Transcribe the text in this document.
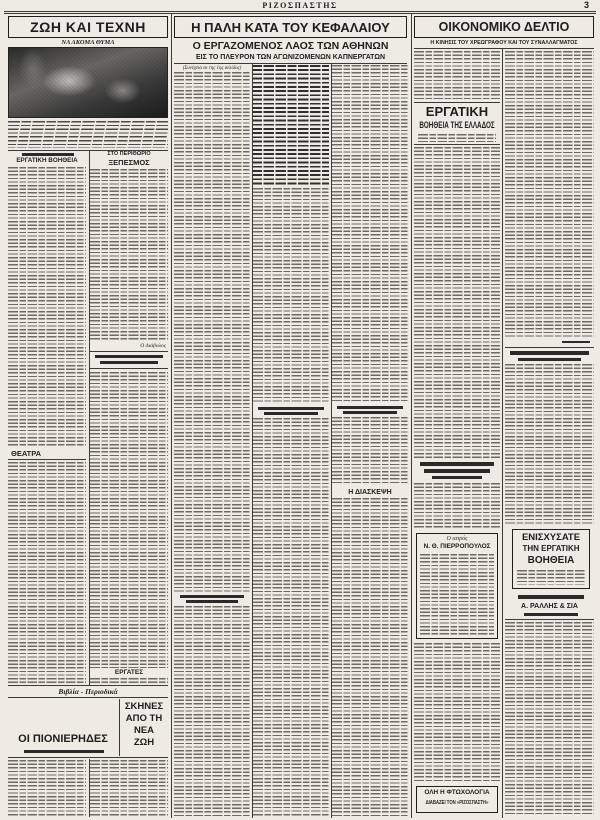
ΡΙΖΟΣΠΑΣΤΗΣ	3
ΖΩΗ ΚΑΙ ΤΕΧΝΗ
ΝΑ ΑΚΟΜΑ ΘΥΜΑ
ΕΡΓΑΤΙΚΗ ΒΟΗΘΕΙΑ
ΘΕΑΤΡΑ
ΣΤΟ ΠΕΡΙΘΩΡΙΟ
ΞΕΠΕΣΜΟΣ
Ο Διάβολος
ΕΡΓΑΤΕΣ
Βιβλία - Περιοδικά
ΟΙ ΠΙΟΝΙΕΡΗΔΕΣ
ΣΚΗΝΕΣ
ΑΠΟ ΤΗ
ΝΕΑ
ΖΩΗ
Η ΠΑΛΗ ΚΑΤΑ ΤΟΥ ΚΕΦΑΛΑΙΟΥ
Ο ΕΡΓΑΖΟΜΕΝΟΣ ΛΑΟΣ ΤΩΝ ΑΘΗΝΩΝ
ΕΙΣ ΤΟ ΠΛΕΥΡΟΝ ΤΩΝ ΑΓΩΝΙΖΟΜΕΝΩΝ ΚΑΠΝΕΡΓΑΤΩΝ
(Συνέχεια εκ της 1ης σελίδος)
Η ΔΙΑΣΚΕΨΗ
ΟΙΚΟΝΟΜΙΚΟ ΔΕΛΤΙΟ
Η ΚΙΝΗΣΙΣ ΤΟΥ ΧΡΕΩΓΡΑΦΟΥ ΚΑΙ ΤΟΥ ΣΥΝΑΛΛΑΓΜΑΤΟΣ
ΕΡΓΑΤΙΚΗ
ΒΟΗΘΕΙΑ ΤΗΣ ΕΛΛΑΔΟΣ
Ο ιατρός
Ν. Θ. ΠΙΕΡΡΟΠΟΥΛΟΣ
ΟΛΗ Η ΦΤΩΧΟΛΟΓΙΑ
ΔΙΑΒΑΖΕΙ ΤΟΝ «ΡΙΖΟΣΠΑΣΤΗ»
ΕΝΙΣΧΥΣΑΤΕ
ΤΗΝ ΕΡΓΑΤΙΚΗ
ΒΟΗΘΕΙΑ
Α. ΡΑΛΛΗΣ & ΣΙΑ
